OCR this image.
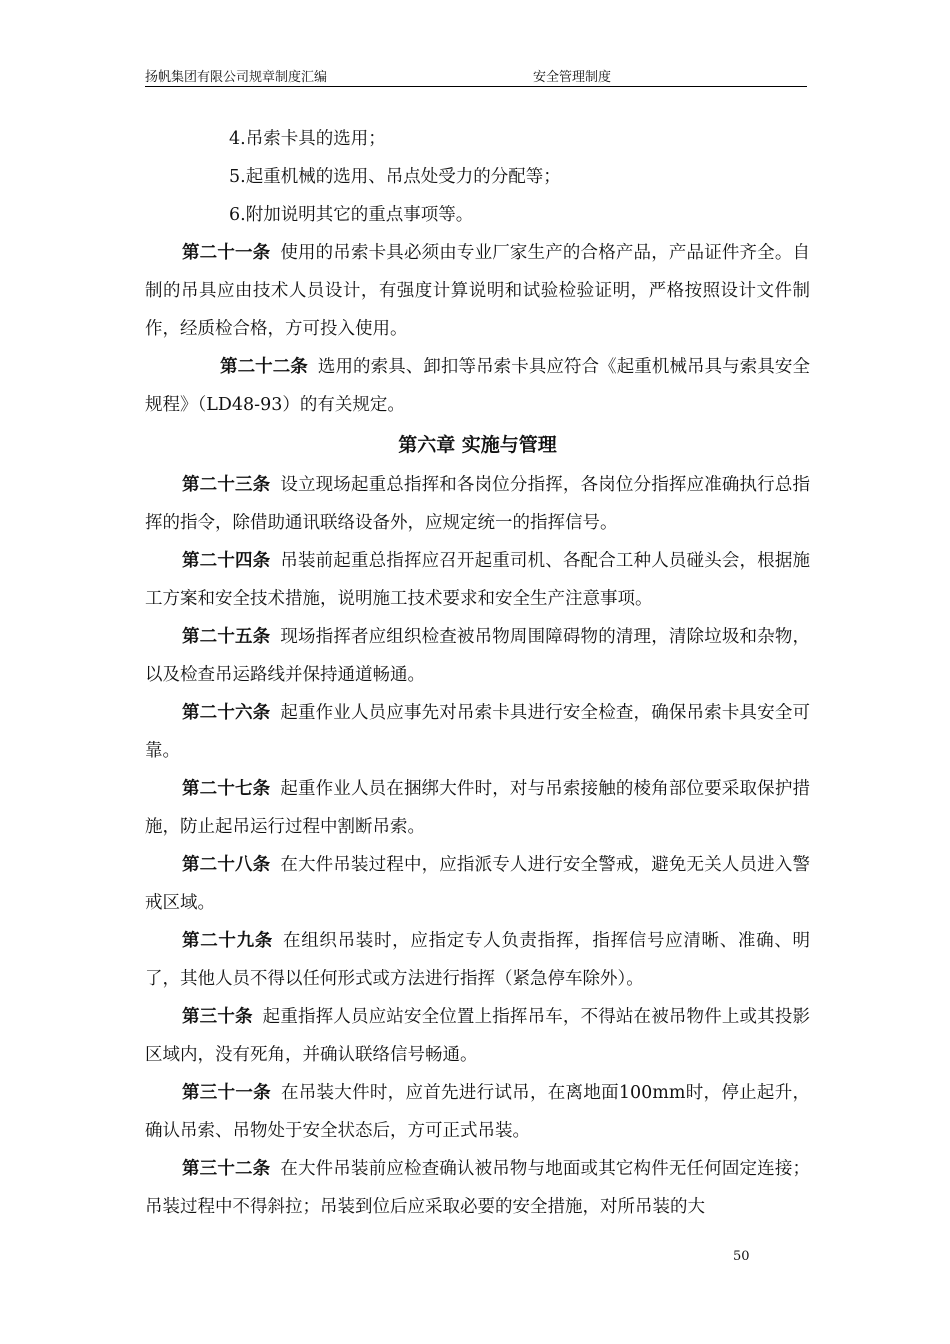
扬帆集团有限公司规章制度汇编	安全管理制度

4.吊索卡具的选用；

5.起重机械的选用、吊点处受力的分配等；

6.附加说明其它的重点事项等。

第二十一条 使用的吊索卡具必须由专业厂家生产的合格产品，产品证件齐全。自制的吊具应由技术人员设计，有强度计算说明和试验检验证明，严格按照设计文件制作，经质检合格，方可投入使用。

第二十二条 选用的索具、卸扣等吊索卡具应符合《起重机械吊具与索具安全规程》（LD48-93）的有关规定。

第六章 实施与管理

第二十三条 设立现场起重总指挥和各岗位分指挥，各岗位分指挥应准确执行总指挥的指令，除借助通讯联络设备外，应规定统一的指挥信号。

第二十四条 吊装前起重总指挥应召开起重司机、各配合工种人员碰头会，根据施工方案和安全技术措施，说明施工技术要求和安全生产注意事项。

第二十五条 现场指挥者应组织检查被吊物周围障碍物的清理，清除垃圾和杂物，以及检查吊运路线并保持通道畅通。

第二十六条 起重作业人员应事先对吊索卡具进行安全检查，确保吊索卡具安全可靠。

第二十七条 起重作业人员在捆绑大件时，对与吊索接触的棱角部位要采取保护措施，防止起吊运行过程中割断吊索。

第二十八条 在大件吊装过程中，应指派专人进行安全警戒，避免无关人员进入警戒区域。

第二十九条 在组织吊装时，应指定专人负责指挥，指挥信号应清晰、准确、明了，其他人员不得以任何形式或方法进行指挥（紧急停车除外）。

第三十条 起重指挥人员应站安全位置上指挥吊车，不得站在被吊物件上或其投影区域内，没有死角，并确认联络信号畅通。

第三十一条 在吊装大件时，应首先进行试吊，在离地面100mm时，停止起升，确认吊索、吊物处于安全状态后，方可正式吊装。

第三十二条 在大件吊装前应检查确认被吊物与地面或其它构件无任何固定连接；吊装过程中不得斜拉；吊装到位后应采取必要的安全措施，对所吊装的大

50
